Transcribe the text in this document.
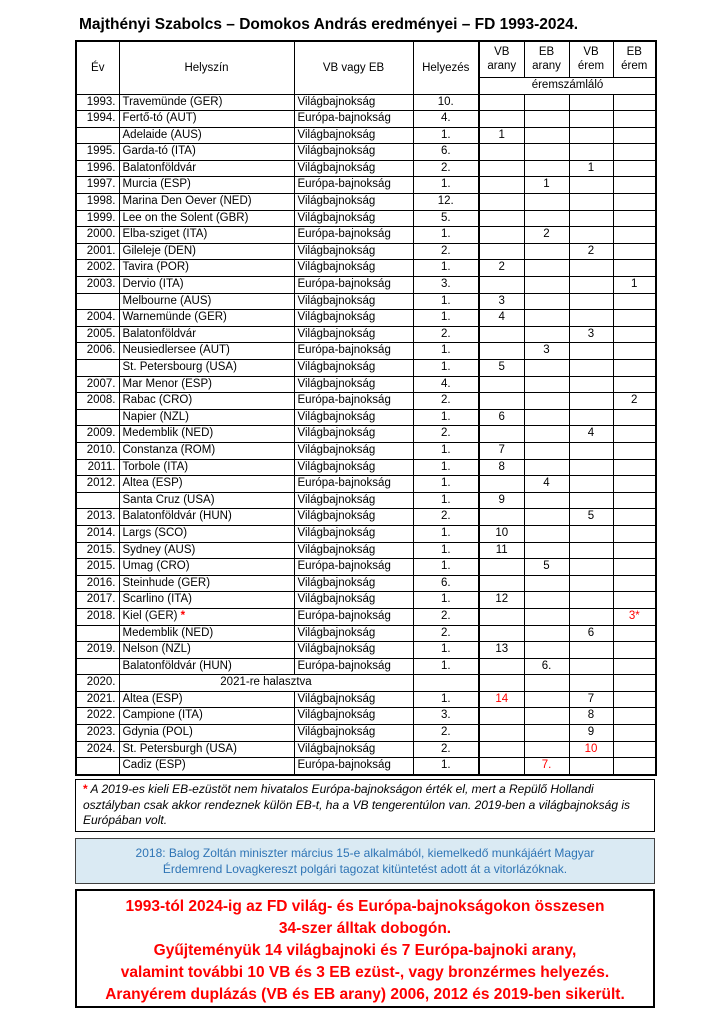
Majthényi Szabolcs – Domokos András eredményei – FD 1993-2024.
Év	Helyszín	VB vagy EB	Helyezés	VB arany	EB arany	VB érem	EB érem
				éremszámláló			
1993.	Travemünde (GER)	Világbajnokság	10.				
1994.	Fertő-tó (AUT)	Európa-bajnokság	4.				
	Adelaide (AUS)	Világbajnokság	1.	1			
1995.	Garda-tó (ITA)	Világbajnokság	6.				
1996.	Balatonföldvár	Világbajnokság	2.			1	
1997.	Murcia (ESP)	Európa-bajnokság	1.		1		
1998.	Marina Den Oever (NED)	Világbajnokság	12.				
1999.	Lee on the Solent (GBR)	Világbajnokság	5.				
2000.	Elba-sziget (ITA)	Európa-bajnokság	1.		2		
2001.	Gileleje (DEN)	Világbajnokság	2.			2	
2002.	Tavira (POR)	Világbajnokság	1.	2			
2003.	Dervio (ITA)	Európa-bajnokság	3.				1
	Melbourne (AUS)	Világbajnokság	1.	3			
2004.	Warnemünde (GER)	Világbajnokság	1.	4			
2005.	Balatonföldvár	Világbajnokság	2.			3	
2006.	Neusiedlersee (AUT)	Európa-bajnokság	1.		3		
	St. Petersbourg (USA)	Világbajnokság	1.	5			
2007.	Mar Menor (ESP)	Világbajnokság	4.				
2008.	Rabac (CRO)	Európa-bajnokság	2.				2
	Napier (NZL)	Világbajnokság	1.	6			
2009.	Medemblik (NED)	Világbajnokság	2.			4	
2010.	Constanza (ROM)	Világbajnokság	1.	7			
2011.	Torbole (ITA)	Világbajnokság	1.	8			
2012.	Altea (ESP)	Európa-bajnokság	1.		4		
	Santa Cruz (USA)	Világbajnokság	1.	9			
2013.	Balatonföldvár (HUN)	Világbajnokság	2.			5	
2014.	Largs (SCO)	Világbajnokság	1.	10			
2015.	Sydney (AUS)	Világbajnokság	1.	11			
2015.	Umag (CRO)	Európa-bajnokság	1.		5		
2016.	Steinhude (GER)	Világbajnokság	6.				
2017.	Scarlino (ITA)	Világbajnokság	1.	12			
2018.	Kiel (GER) *	Európa-bajnokság	2.				3*
	Medemblik (NED)	Világbajnokság	2.			6	
2019.	Nelson (NZL)	Világbajnokság	1.	13			
	Balatonföldvár (HUN)	Európa-bajnokság	1.		6.		
2020.	2021-re halasztva						
2021.	Altea (ESP)	Világbajnokság	1.	14		7	
2022.	Campione (ITA)	Világbajnokság	3.			8	
2023.	Gdynia (POL)	Világbajnokság	2.			9	
2024.	St. Petersburgh (USA)	Világbajnokság	2.			10	
	Cadiz (ESP)	Európa-bajnokság	1.		7.		
* A 2019-es kieli EB-ezüstöt nem hivatalos Európa-bajnokságon érték el, mert a Repülő Hollandi osztályban csak akkor rendeznek külön EB-t, ha a VB tengerentúlon van. 2019-ben a világbajnokság is Európában volt.
2018: Balog Zoltán miniszter március 15-e alkalmából, kiemelkedő munkájáért Magyar Érdemrend Lovagkereszt polgári tagozat kitüntetést adott át a vitorlázóknak.
1993-tól 2024-ig az FD világ- és Európa-bajnokságokon összesen
34-szer álltak dobogón.
Gyűjteményük 14 világbajnoki és 7 Európa-bajnoki arany,
valamint további 10 VB és 3 EB ezüst-, vagy bronzérmes helyezés.
Aranyérem duplázás (VB és EB arany) 2006, 2012 és 2019-ben sikerült.
